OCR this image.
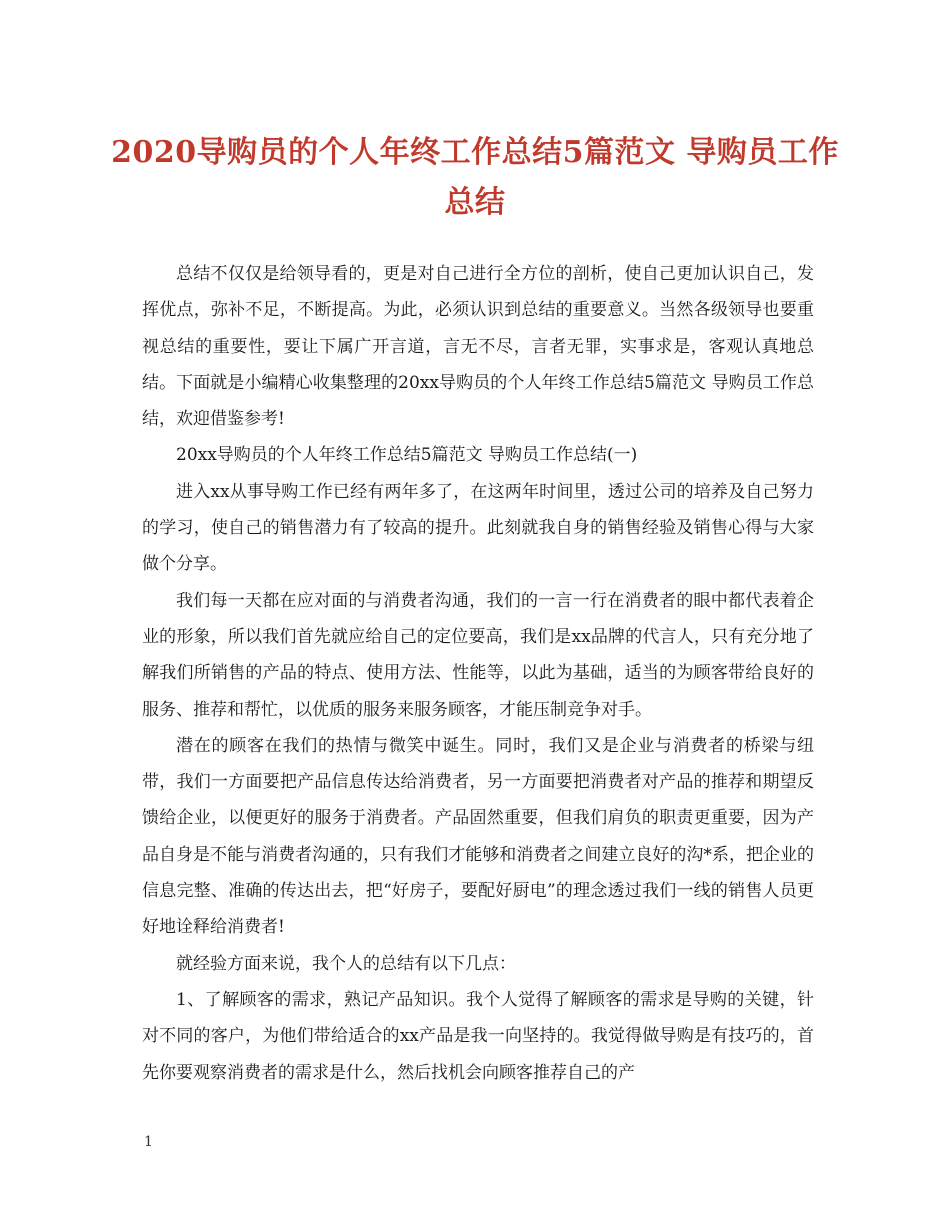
2020导购员的个人年终工作总结5篇范文 导购员工作总结

总结不仅仅是给领导看的，更是对自己进行全方位的剖析，使自己更加认识自己，发挥优点，弥补不足，不断提高。为此，必须认识到总结的重要意义。当然各级领导也要重视总结的重要性，要让下属广开言道，言无不尽，言者无罪，实事求是，客观认真地总结。下面就是小编精心收集整理的20xx导购员的个人年终工作总结5篇范文 导购员工作总结，欢迎借鉴参考!

20xx导购员的个人年终工作总结5篇范文 导购员工作总结(一)

进入xx从事导购工作已经有两年多了，在这两年时间里，透过公司的培养及自己努力的学习，使自己的销售潜力有了较高的提升。此刻就我自身的销售经验及销售心得与大家做个分享。

我们每一天都在应对面的与消费者沟通，我们的一言一行在消费者的眼中都代表着企业的形象，所以我们首先就应给自己的定位要高，我们是xx品牌的代言人，只有充分地了解我们所销售的产品的特点、使用方法、性能等，以此为基础，适当的为顾客带给良好的服务、推荐和帮忙，以优质的服务来服务顾客，才能压制竞争对手。

潜在的顾客在我们的热情与微笑中诞生。同时，我们又是企业与消费者的桥梁与纽带，我们一方面要把产品信息传达给消费者，另一方面要把消费者对产品的推荐和期望反馈给企业，以便更好的服务于消费者。产品固然重要，但我们肩负的职责更重要，因为产品自身是不能与消费者沟通的，只有我们才能够和消费者之间建立良好的沟*系，把企业的信息完整、准确的传达出去，把“好房子，要配好厨电”的理念透过我们一线的销售人员更好地诠释给消费者!

就经验方面来说，我个人的总结有以下几点：

1、了解顾客的需求，熟记产品知识。我个人觉得了解顾客的需求是导购的关键，针对不同的客户，为他们带给适合的xx产品是我一向坚持的。我觉得做导购是有技巧的，首先你要观察消费者的需求是什么，然后找机会向顾客推荐自己的产

1
